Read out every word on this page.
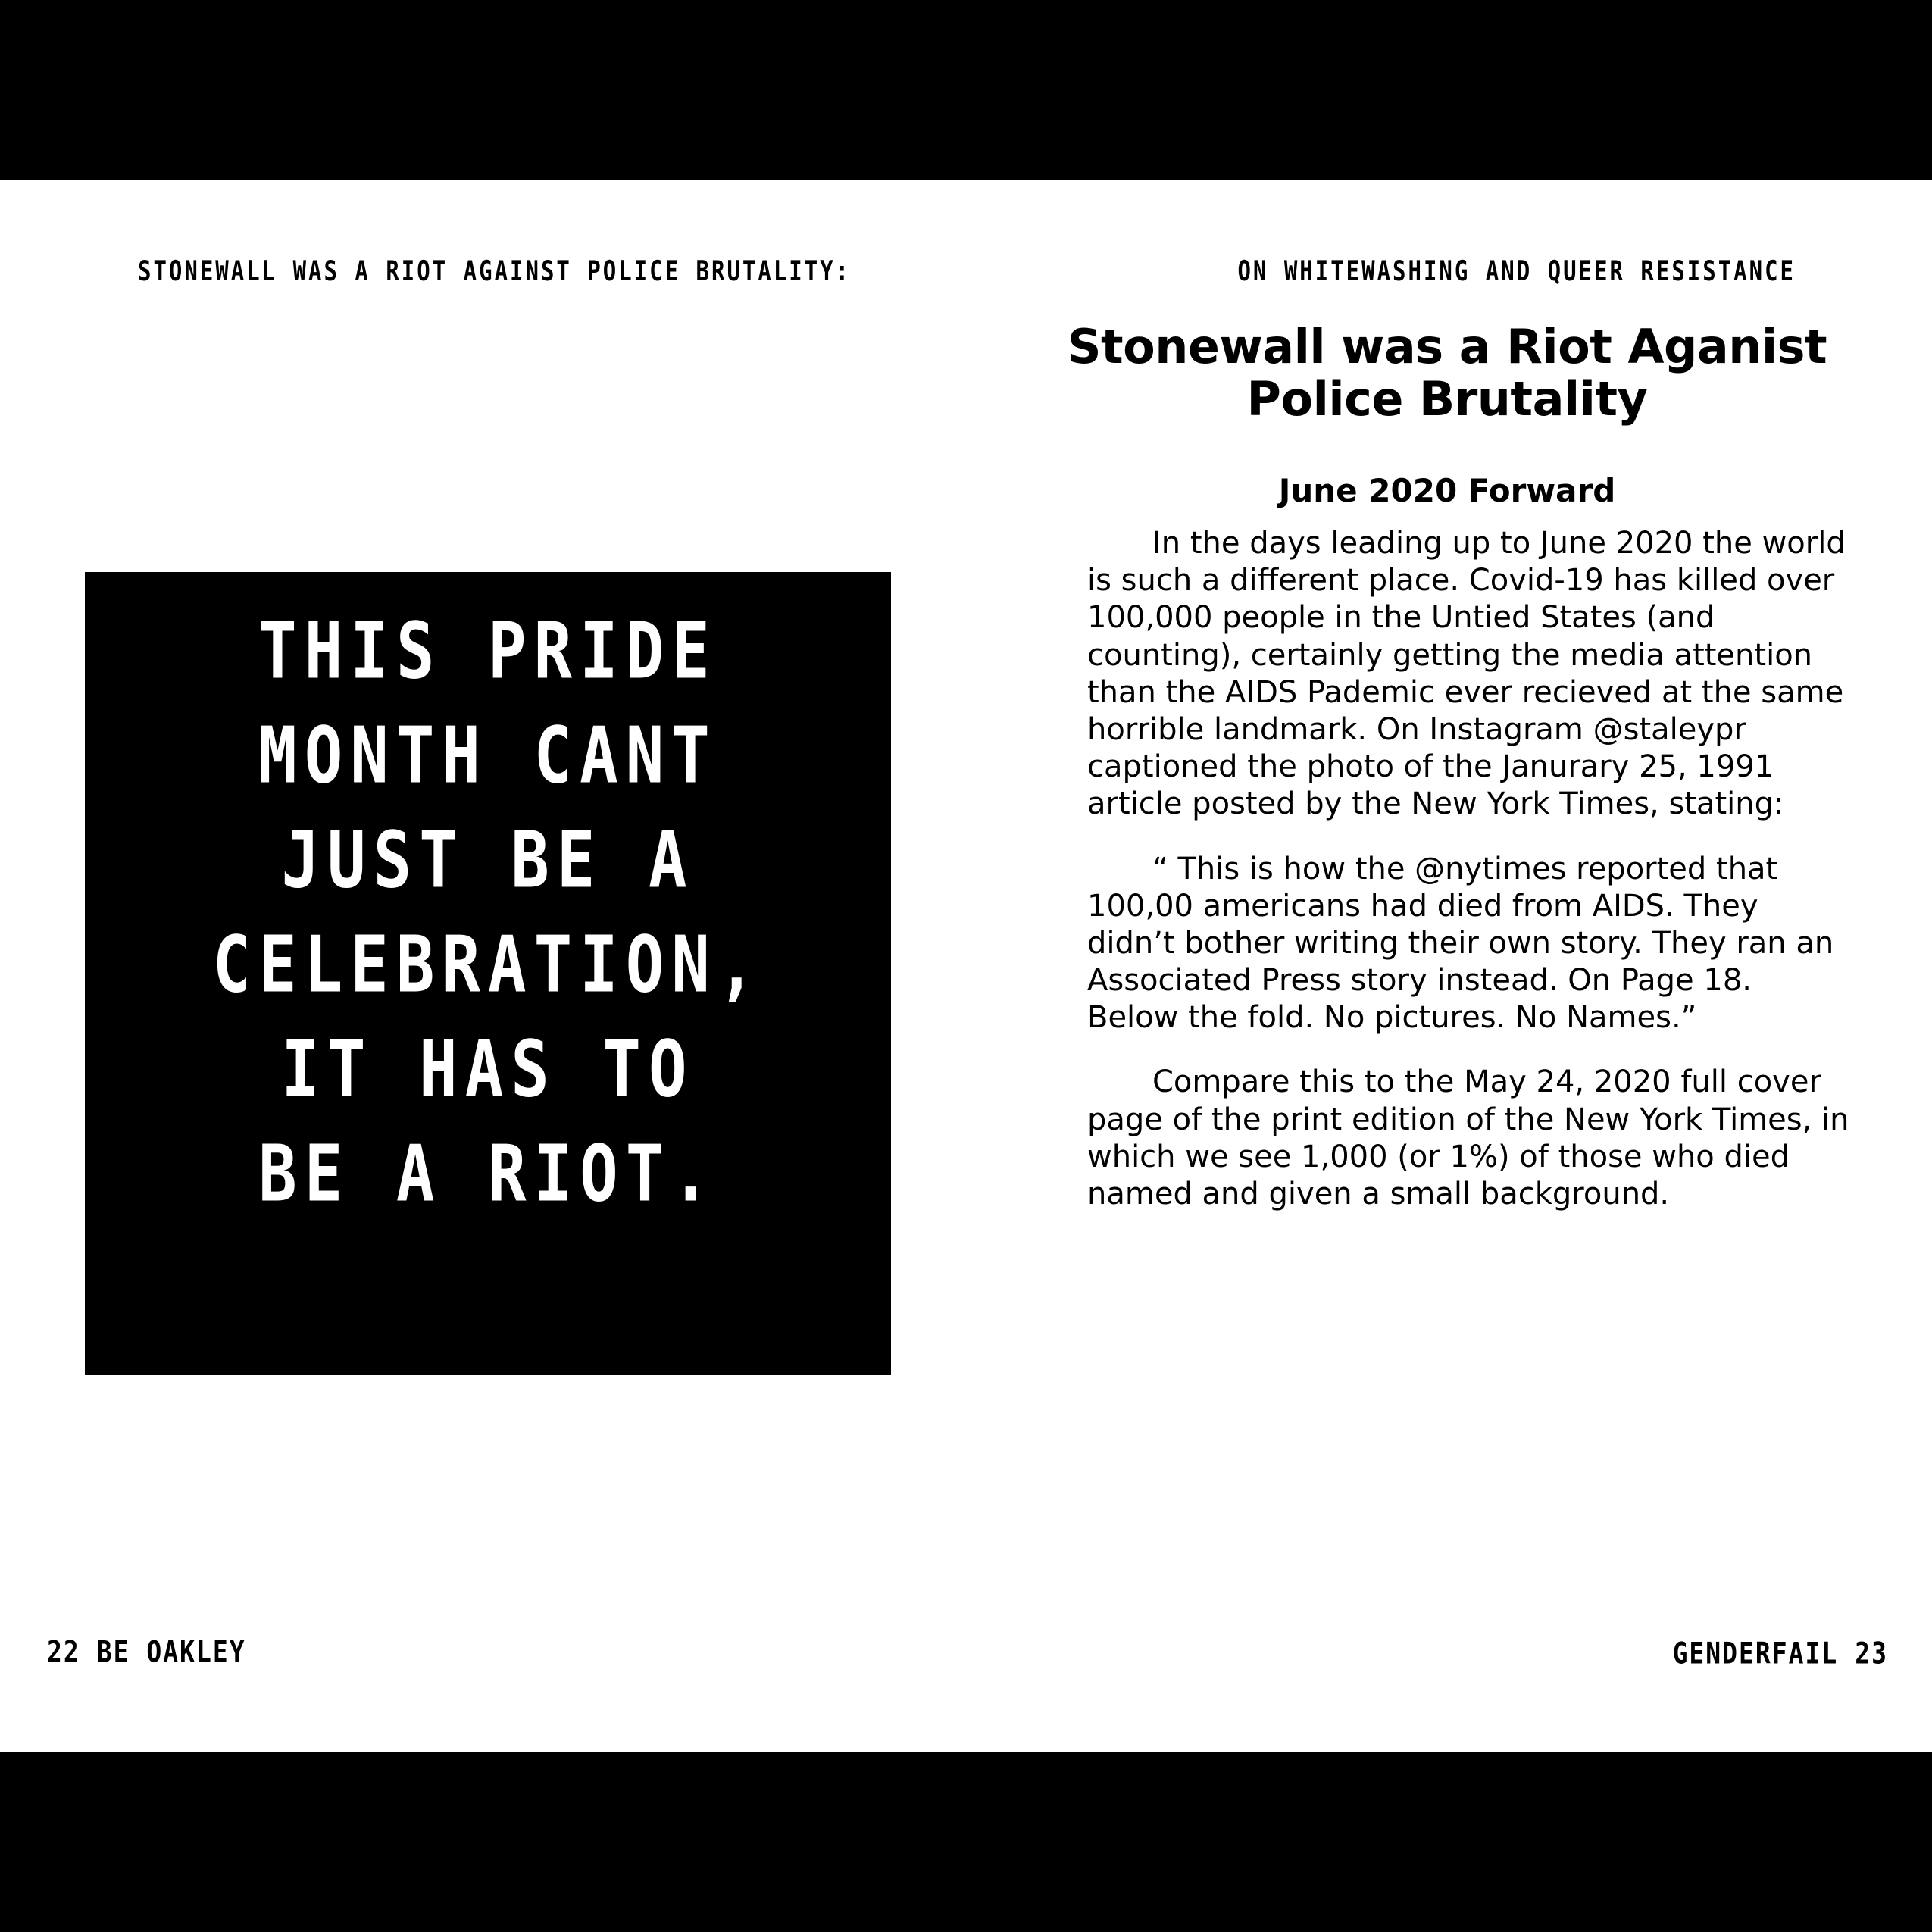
STONEWALL WAS A RIOT AGAINST POLICE BRUTALITY:
THIS PRIDE
MONTH CANT
JUST BE A
CELEBRATION,
IT HAS TO
BE A RIOT.
22 BE OAKLEY
ON WHITEWASHING AND QUEER RESISTANCE
Stonewall was a Riot Aganist Police Brutality
June 2020 Forward

In the days leading up to June 2020 the world is such a different place. Covid-19 has killed over 100,000 people in the Untied States (and counting), certainly getting the media attention than the AIDS Pademic ever recieved at the same horrible landmark. On Instagram @staleypr captioned the photo of the Janurary 25, 1991 article posted by the New York Times, stating:

“ This is how the @nytimes reported that 100,00 americans had died from AIDS. They didn’t bother writing their own story. They ran an Associated Press story instead. On Page 18. Below the fold. No pictures. No Names.”

Compare this to the May 24, 2020 full cover page of the print edition of the New York Times, in which we see 1,000 (or 1%) of those who died named and given a small background.

GENDERFAIL 23
